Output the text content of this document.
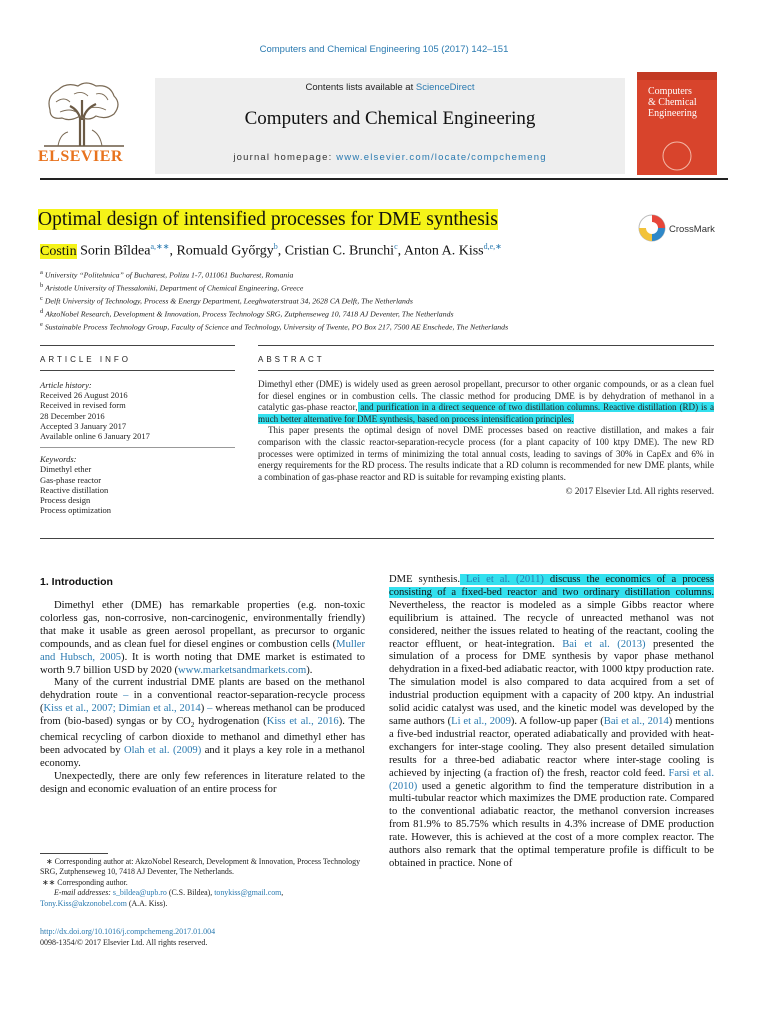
Computers and Chemical Engineering 105 (2017) 142–151
ELSEVIER
Contents lists available at ScienceDirect
Computers and Chemical Engineering
journal homepage: www.elsevier.com/locate/compchemeng
Computers
& Chemical
Engineering
Optimal design of intensified processes for DME synthesis	CrossMark
Costin Sorin Bîldea$^{a,∗∗}$, Romuald Győrgy$^b$, Cristian C. Brunchi$^c$, Anton A. Kiss$^{d,e,∗}$
$^a$ University “Politehnica” of Bucharest, Polizu 1-7, 011061 Bucharest, Romania
$^b$ Aristotle University of Thessaloniki, Department of Chemical Engineering, Greece
$^c$ Delft University of Technology, Process & Energy Department, Leeghwaterstraat 34, 2628 CA Delft, The Netherlands
$^d$ AkzoNobel Research, Development & Innovation, Process Technology SRG, Zutphenseweg 10, 7418 AJ Deventer, The Netherlands
$^e$ Sustainable Process Technology Group, Faculty of Science and Technology, University of Twente, PO Box 217, 7500 AE Enschede, The Netherlands
ARTICLE INFO	ABSTRACT
Article history:
Received 26 August 2016
Received in revised form
28 December 2016
Accepted 3 January 2017
Available online 6 January 2017
Keywords:
Dimethyl ether
Gas-phase reactor
Reactive distillation
Process design
Process optimization

Dimethyl ether (DME) is widely used as green aerosol propellant, precursor to other organic compounds, or as a clean fuel for diesel engines or in combustion cells. The classic method for producing DME is by dehydration of methanol in a catalytic gas-phase reactor, and purification in a direct sequence of two distillation columns. Reactive distillation (RD) is a much better alternative for DME synthesis, based on process intensification principles.

This paper presents the optimal design of novel DME processes based on reactive distillation, and makes a fair comparison with the classic reactor-separation-recycle process (for a plant capacity of 100 ktpy DME). The new RD processes were optimized in terms of minimizing the total annual costs, leading to savings of 30% in CapEx and 6% in energy requirements for the RD process. The results indicate that a RD column is recommended for new DME plants, while a combination of gas-phase reactor and RD is suitable for revamping existing plants.

© 2017 Elsevier Ltd. All rights reserved.

1. Introduction

Dimethyl ether (DME) has remarkable properties (e.g. non-toxic colorless gas, non-corrosive, non-carcinogenic, environmentally friendly) that make it usable as green aerosol propellant, as precursor to organic compounds, and as clean fuel for diesel engines or combustion cells (Muller and Hubsch, 2005). It is worth noting that DME market is estimated to worth 9.7 billion USD by 2020 (www.marketsandmarkets.com).

Many of the current industrial DME plants are based on the methanol dehydration route – in a conventional reactor-separation-recycle process (Kiss et al., 2007; Dimian et al., 2014) – whereas methanol can be produced from (bio-based) syngas or by $CO_2$ hydrogenation (Kiss et al., 2016). The chemical recycling of carbon dioxide to methanol and dimethyl ether has been advocated by Olah et al. (2009) and it plays a key role in a methanol economy.

Unexpectedly, there are only few references in literature related to the design and economic evaluation of an entire process for

DME synthesis. Lei et al. (2011) discuss the economics of a process consisting of a fixed-bed reactor and two ordinary distillation columns. Nevertheless, the reactor is modeled as a simple Gibbs reactor where equilibrium is attained. The recycle of unreacted methanol was not considered, neither the issues related to heating of the reactant, cooling the reactor effluent, or heat-integration. Bai et al. (2013) presented the simulation of a process for DME synthesis by vapor phase methanol dehydration in a fixed-bed adiabatic reactor, with 1000 ktpy production rate. The simulation model is also compared to data acquired from a set of industrial production equipment with a capacity of 200 ktpy. An industrial solid acidic catalyst was used, and the kinetic model was developed by the same authors (Li et al., 2009). A follow-up paper (Bai et al., 2014) mentions a five-bed industrial reactor, operated adiabatically and provided with heat-exchangers for inter-stage cooling. They also present detailed simulation results for a three-bed adiabatic reactor where inter-stage cooling is achieved by injecting (a fraction of) the fresh, reactor cold feed. Farsi et al. (2010) used a genetic algorithm to find the temperature distribution in a multi-tubular reactor which maximizes the DME production rate. Compared to the conventional adiabatic reactor, the methanol conversion increases from 81.9% to 85.75% which results in 4.3% increase of DME production rate. However, this is achieved at the cost of a more complex reactor. The authors also remark that the optimal temperature profile is difficult to be obtained in practice. None of

∗ Corresponding author at: AkzoNobel Research, Development & Innovation, Process Technology SRG, Zutphenseweg 10, 7418 AJ Deventer, The Netherlands.

∗∗ Corresponding author.

E-mail addresses: s_bildea@upb.ro (C.S. Bildea), tonykiss@gmail.com,

Tony.Kiss@akzonobel.com (A.A. Kiss).

http://dx.doi.org/10.1016/j.compchemeng.2017.01.004
0098-1354/© 2017 Elsevier Ltd. All rights reserved.
